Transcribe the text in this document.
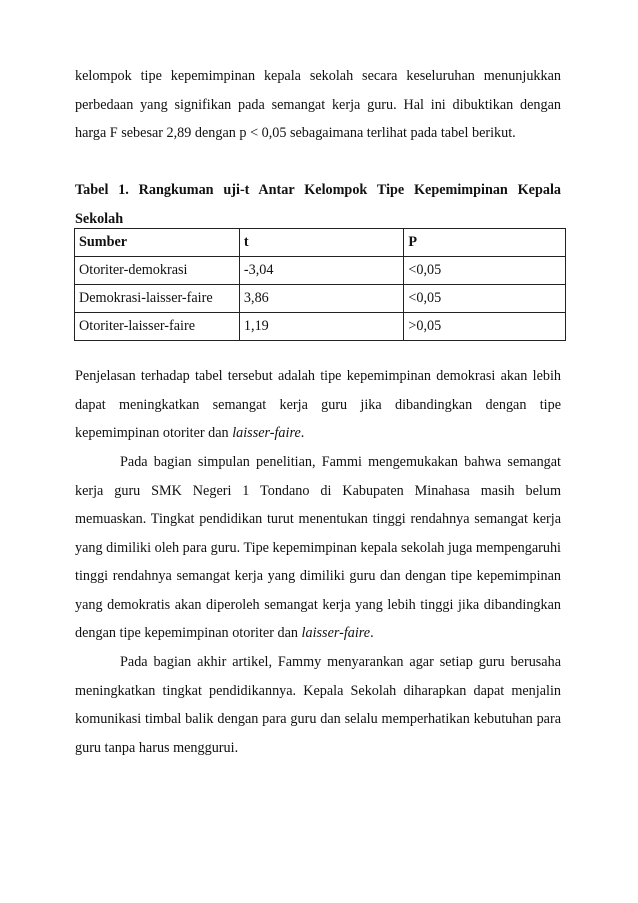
kelompok tipe kepemimpinan kepala sekolah secara keseluruhan menunjukkan perbedaan yang signifikan pada semangat kerja guru. Hal ini dibuktikan dengan harga F sebesar 2,89 dengan p < 0,05 sebagaimana terlihat pada tabel berikut.

Tabel 1. Rangkuman uji-t Antar Kelompok Tipe Kepemimpinan Kepala Sekolah

Sumber	t	P
Otoriter-demokrasi	-3,04	<0,05
Demokrasi-laisser-faire	3,86	<0,05
Otoriter-laisser-faire	1,19	>0,05

Penjelasan terhadap tabel tersebut adalah tipe kepemimpinan demokrasi akan lebih dapat meningkatkan semangat kerja guru jika dibandingkan dengan tipe kepemimpinan otoriter dan laisser-faire.

Pada bagian simpulan penelitian, Fammi mengemukakan bahwa semangat kerja guru SMK Negeri 1 Tondano di Kabupaten Minahasa masih belum memuaskan. Tingkat pendidikan turut menentukan tinggi rendahnya semangat kerja yang dimiliki oleh para guru. Tipe kepemimpinan kepala sekolah juga mempengaruhi tinggi rendahnya semangat kerja yang dimiliki guru dan dengan tipe kepemimpinan yang demokratis akan diperoleh semangat kerja yang lebih tinggi jika dibandingkan dengan tipe kepemimpinan otoriter dan laisser-faire.

Pada bagian akhir artikel, Fammy menyarankan agar setiap guru berusaha meningkatkan tingkat pendidikannya. Kepala Sekolah diharapkan dapat menjalin komunikasi timbal balik dengan para guru dan selalu memperhatikan kebutuhan para guru tanpa harus menggurui.
